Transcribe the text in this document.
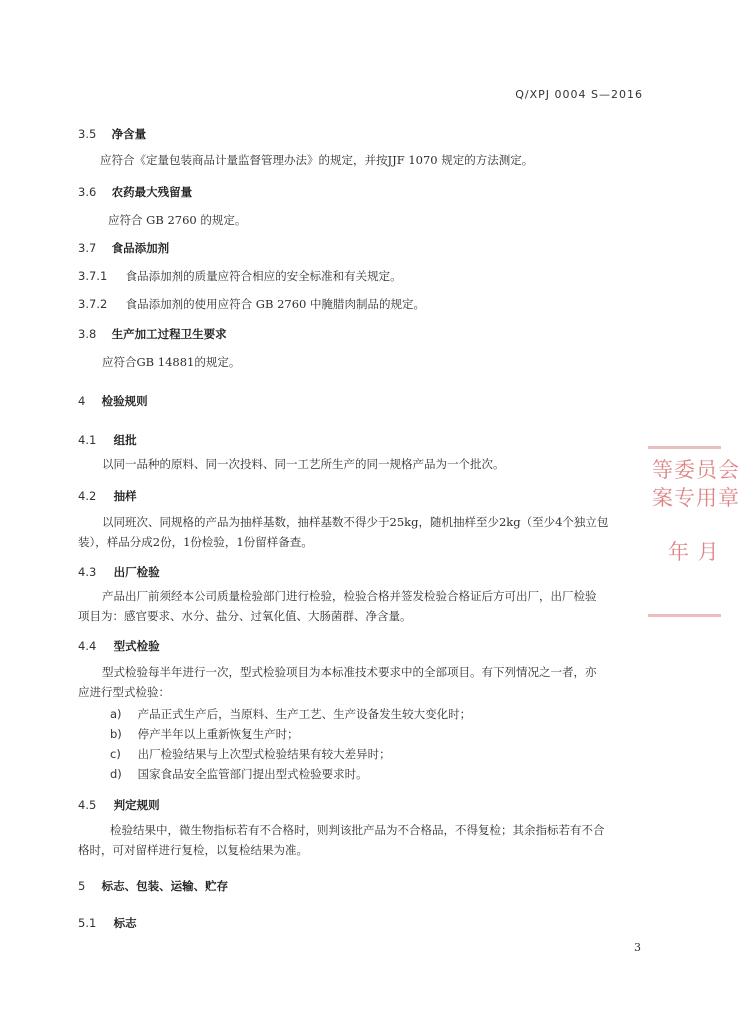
Q/XPJ 0004 S—2016
3.5 净含量
应符合《定量包装商品计量监督管理办法》的规定，并按JJF 1070 规定的方法测定。
3.6 农药最大残留量
应符合 GB 2760 的规定。
3.7 食品添加剂
3.7.1 食品添加剂的质量应符合相应的安全标准和有关规定。
3.7.2 食品添加剂的使用应符合 GB 2760 中腌腊肉制品的规定。
3.8 生产加工过程卫生要求
应符合GB 14881的规定。
4 检验规则
4.1 组批
以同一品种的原料、同一次投料、同一工艺所生产的同一规格产品为一个批次。
4.2 抽样
以同班次、同规格的产品为抽样基数，抽样基数不得少于25kg，随机抽样至少2kg（至少4个独立包
装），样品分成2份，1份检验，1份留样备查。
4.3 出厂检验
产品出厂前须经本公司质量检验部门进行检验，检验合格并签发检验合格证后方可出厂，出厂检验
项目为：感官要求、水分、盐分、过氧化值、大肠菌群、净含量。
4.4 型式检验
型式检验每半年进行一次，型式检验项目为本标准技术要求中的全部项目。有下列情况之一者，亦
应进行型式检验：
a) 产品正式生产后，当原料、生产工艺、生产设备发生较大变化时；
b) 停产半年以上重新恢复生产时；
c) 出厂检验结果与上次型式检验结果有较大差异时；
d) 国家食品安全监管部门提出型式检验要求时。
4.5 判定规则
检验结果中，微生物指标若有不合格时，则判该批产品为不合格品，不得复检；其余指标若有不合
格时，可对留样进行复检，以复检结果为准。
5 标志、包装、运输、贮存
5.1 标志
3
等委员会
案专用章
年 月
